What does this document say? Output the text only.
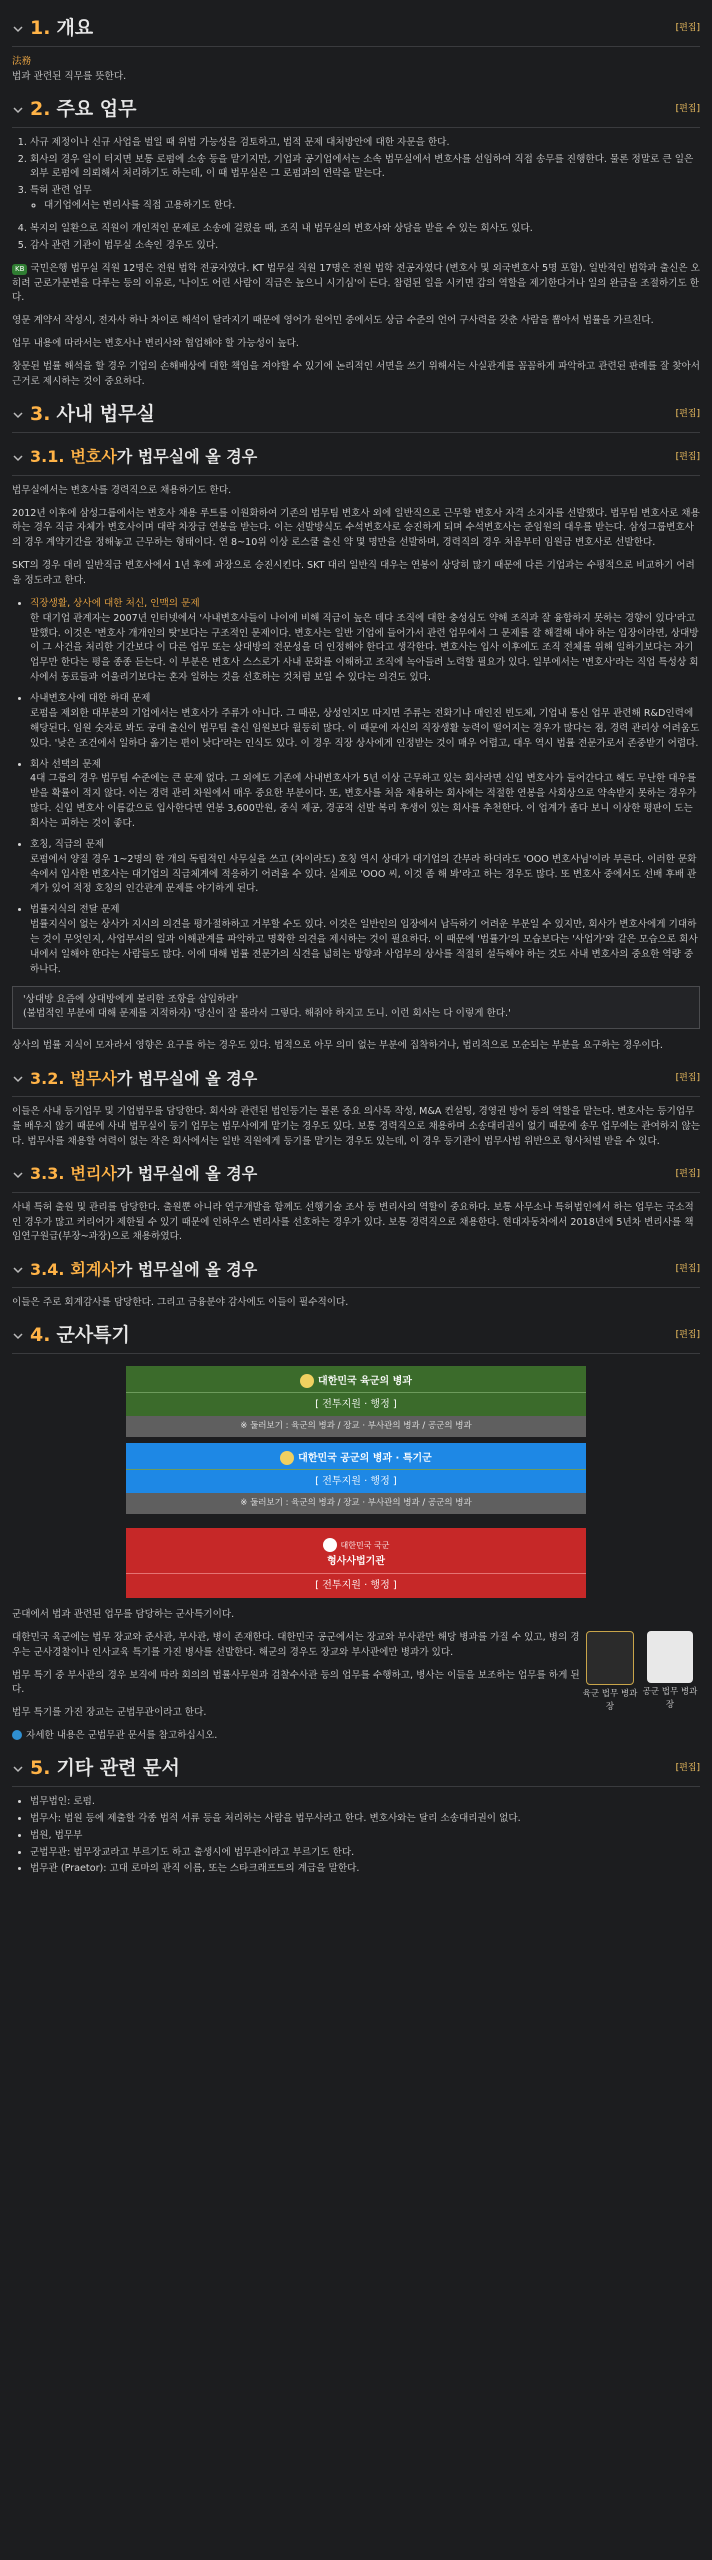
1. 개요	[편집]
法務

법과 관련된 직무를 뜻한다.

2. 주요 업무	[편집]
1. 사규 제정이나 신규 사업을 벌일 때 위법 가능성을 검토하고, 법적 문제 대처방안에 대한 자문을 한다.
2. 회사의 경우 일이 터지면 보통 로펌에 소송 등을 맡기지만, 기업과 공기업에서는 소속 법무실에서 변호사를 선임하여 직접 송무를 진행한다. 물론 정말로 큰 일은 외부 로펌에 의뢰해서 처리하기도 하는데, 이 때 법무실은 그 로펌과의 연락을 맡는다.
3. 특허 관련 업무
◦ 대기업에서는 변리사를 직접 고용하기도 한다.
4. 복지의 일환으로 직원이 개인적인 문제로 소송에 걸렸을 때, 조직 내 법무실의 변호사와 상담을 받을 수 있는 회사도 있다.
5. 감사 관련 기관이 법무실 소속인 경우도 있다.

KB 국민은행 법무실 직원 12명은 전원 법학 전공자였다. KT 법무실 직원 17명은 전원 법학 전공자였다 (변호사 및 외국변호사 5명 포함). 일반적인 법학과 출신은 오히려 군로가문변을 다루는 등의 이유로, '나이도 어린 사람이 직급은 높으니 시기심'이 든다. 참렴된 일을 시키면 갑의 역할을 제기한다거나 일의 완급을 조절하기도 한다.

영문 계약서 작성시, 전자사 하나 차이로 해석이 달라지기 때문에 영어가 원어민 중에서도 상급 수준의 언어 구사력을 갖춘 사람을 뽑아서 법률을 가르친다.

업무 내용에 따라서는 변호사나 변리사와 협업해야 할 가능성이 높다.

창문된 법률 해석을 할 경우 기업의 손해배상에 대한 책임을 져야할 수 있기에 논리적인 서면을 쓰기 위해서는 사실관계를 꼼꼼하게 파악하고 관련된 판례를 잘 찾아서 근거로 제시하는 것이 중요하다.

3. 사내 법무실	[편집]
3.1. 변호사가 법무실에 올 경우	[편집]

법무실에서는 변호사를 경력직으로 채용하기도 한다.

2012년 이후에 삼성그룹에서는 변호사 채용 루트를 이원화하여 기존의 법무팀 변호사 외에 일반직으로 근무할 변호사 자격 소지자를 선발했다. 법무팀 변호사로 채용하는 경우 직급 자체가 변호사이며 대략 차장급 연봉을 받는다. 이는 선발방식도 수석변호사로 승진하게 되며 수석변호사는 준임원의 대우를 받는다. 삼성그룹변호사의 경우 계약기간을 정해놓고 근무하는 형태이다. 연 8~10위 이상 로스쿨 출신 약 몇 명만을 선발하며, 경력직의 경우 처음부터 임원급 변호사로 선발한다.

SKT의 경우 대리 일반직급 변호사에서 1년 후에 과장으로 승진시킨다. SKT 대리 일반직 대우는 연봉이 상당히 많기 때문에 다른 기업과는 수평적으로 비교하기 어려울 정도라고 한다.

• 직장생활, 상사에 대한 처신, 인맥의 문제
한 대기업 관계자는 2007년 인터넷에서 '사내변호사들이 나이에 비해 직급이 높은 데다 조직에 대한 충성심도 약해 조직과 잘 융합하지 못하는 경향이 있다'라고 말했다. 이것은 '변호사 개개인의 탓'보다는 구조적인 문제이다. 변호사는 일반 기업에 들어가서 관련 업무에서 그 문제를 잘 해결해 내야 하는 입장이라면, 상대방이 그 사건을 처리한 기간보다 이 다른 업무 또는 상대방의 전문성을 더 인정해야 한다고 생각한다. 변호사는 입사 이후에도 조직 전체를 위해 일하기보다는 자기 업무만 한다는 평을 종종 듣는다. 이 부분은 변호사 스스로가 사내 문화를 이해하고 조직에 녹아들려 노력할 필요가 있다. 일부에서는 '변호사'라는 직업 특성상 회사에서 동료들과 어울리기보다는 혼자 일하는 것을 선호하는 것처럼 보일 수 있다는 의견도 있다.
• 사내변호사에 대한 하대 문제
로펌을 제외한 대부분의 기업에서는 변호사가 주류가 아니다. 그 때문, 상성인지모 따지면 주류는 전화기나 매인진 빈도체, 기업내 통신 업무 관련해 R&D인력에 해당된다. 임원 숫자로 봐도 공대 출신이 법무팀 출신 임원보다 월등히 많다. 이 때문에 자신의 직장생활 능력이 떨어지는 경우가 많다는 점, 경력 관리상 어려움도 있다. '낮은 조건에서 일하다 옮기는 편이 낫다'라는 인식도 있다. 이 경우 직장 상사에게 인정받는 것이 매우 어렵고, 대우 역시 법률 전문가로서 존중받기 어렵다.
• 회사 선택의 문제
4대 그룹의 경우 법무팀 수준에는 큰 문제 없다. 그 외에도 기존에 사내변호사가 5년 이상 근무하고 있는 회사라면 신입 변호사가 들어간다고 해도 무난한 대우를 받을 확률이 적지 않다. 이는 경력 관리 차원에서 매우 중요한 부분이다. 또, 변호사를 처음 채용하는 회사에는 적절한 연봉을 사회상으로 약속받지 못하는 경우가 많다. 신입 변호사 이름값으로 입사한다면 연봉 3,600만원, 중식 제공, 경공적 선발 복리 후생이 있는 회사를 추천한다. 이 업계가 좁다 보니 이상한 평판이 도는 회사는 피하는 것이 좋다.
• 호칭, 직급의 문제
로펌에서 양질 경우 1~2명의 한 개의 독립적인 사무실을 쓰고 (차이라도) 호칭 역시 상대가 대기업의 간부라 하더라도 'OOO 변호사님'이라 부른다. 이러한 문화 속에서 입사한 변호사는 대기업의 직급체계에 적응하기 어려울 수 있다. 실제로 'OOO 씨, 이것 좀 해 봐'라고 하는 경우도 많다. 또 변호사 중에서도 선배 후배 관계가 있어 적정 호칭의 인간관계 문제를 야기하게 된다.
• 법률지식의 전달 문제
법률지식이 없는 상사가 지시의 의견을 평가절하하고 거부할 수도 있다. 이것은 일반인의 입장에서 납득하기 어려운 부분일 수 있지만, 회사가 변호사에게 기대하는 것이 무엇인지, 사업부서의 일과 이해관계를 파악하고 명확한 의견을 제시하는 것이 필요하다. 이 때문에 '법률가'의 모습보다는 '사업가'와 같은 모습으로 회사 내에서 일해야 한다는 사람들도 많다. 이에 대해 법률 전문가의 식견을 넓히는 방향과 사업부의 상사를 적절히 설득해야 하는 것도 사내 변호사의 중요한 역량 중 하나다.
'상대방 요즘에 상대방에게 불리한 조항을 삽입하라'
(불법적인 부분에 대해 문제를 지적하자) '당신이 잘 몰라서 그렇다. 해줘야 하지고 도니. 이런 회사는 다 이렇게 한다.'

상사의 법률 지식이 모자라서 영향은 요구를 하는 경우도 있다. 법적으로 아무 의미 없는 부분에 집착하거나, 법리적으로 모순되는 부분을 요구하는 경우이다.

3.2. 법무사가 법무실에 올 경우	[편집]

이들은 사내 등기업무 및 기업법무를 담당한다. 회사와 관련된 법인등기는 물론 중요 의사록 작성, M&A 컨설팅, 경영권 방어 등의 역할을 맡는다. 변호사는 등기업무를 배우지 않기 때문에 사내 법무실이 등기 업무는 법무사에게 맡기는 경우도 있다. 보통 경력직으로 채용하며 소송대리권이 없기 때문에 송무 업무에는 관여하지 않는다. 법무사를 채용할 여력이 없는 작은 회사에서는 일반 직원에게 등기를 맡기는 경우도 있는데, 이 경우 등기관이 법무사법 위반으로 형사처벌 받을 수 있다.

3.3. 변리사가 법무실에 올 경우	[편집]

사내 특허 출원 및 관리를 담당한다. 출원뿐 아니라 연구개발을 함께도 선행기술 조사 등 변리사의 역할이 중요하다. 보통 사무소나 특허법인에서 하는 업무는 국소적인 경우가 많고 커리어가 제한될 수 있기 때문에 인하우스 변리사를 선호하는 경우가 있다. 보통 경력직으로 채용한다. 현대자동차에서 2018년에 5년차 변리사를 책임연구원급(부장~과장)으로 채용하였다.

3.4. 회계사가 법무실에 올 경우	[편집]

이들은 주로 회계감사를 담당한다. 그리고 금융분야 감사에도 이들이 필수적이다.

4. 군사특기	[편집]
대한민국 육군의 병과
[ 전투지원 · 행정 ]
※ 둘러보기 : 육군의 병과 / 장교 · 부사관의 병과 / 공군의 병과
대한민국 공군의 병과 · 특기군
[ 전투지원 · 행정 ]
※ 둘러보기 : 육군의 병과 / 장교 · 부사관의 병과 / 공군의 병과
대한민국 국군
형사사법기관
[ 전투지원 · 행정 ]

군대에서 법과 관련된 업무를 담당하는 군사특기이다.

대한민국 육군에는 법무 장교와 준사관, 부사관, 병이 존재한다. 대한민국 공군에서는 장교와 부사관만 해당 병과를 가질 수 있고, 병의 경우는 군사경찰이나 인사교육 특기를 가진 병사를 선발한다. 해군의 경우도 장교와 부사관에만 병과가 있다.

법무 특기 중 부사관의 경우 보직에 따라 회의의 법률사무원과 검찰수사관 등의 업무를 수행하고, 병사는 이들을 보조하는 업무를 하게 된다.

법무 특기를 가진 장교는 군법무관이라고 한다.

육군 법무 병과장
공군 법무 병과장

자세한 내용은 군법무관 문서를 참고하십시오.

5. 기타 관련 문서	[편집]
• 법무법인: 로펌.
• 법무사: 법원 등에 제출할 각종 법적 서류 등을 처리하는 사람을 법무사라고 한다. 변호사와는 달리 소송대리권이 없다.
• 법원, 법무부
• 군법무관: 법무장교라고 부르기도 하고 출생시에 법무관이라고 부르기도 한다.
• 법무관 (Praetor): 고대 로마의 관직 이름, 또는 스타크래프트의 계급을 말한다.
